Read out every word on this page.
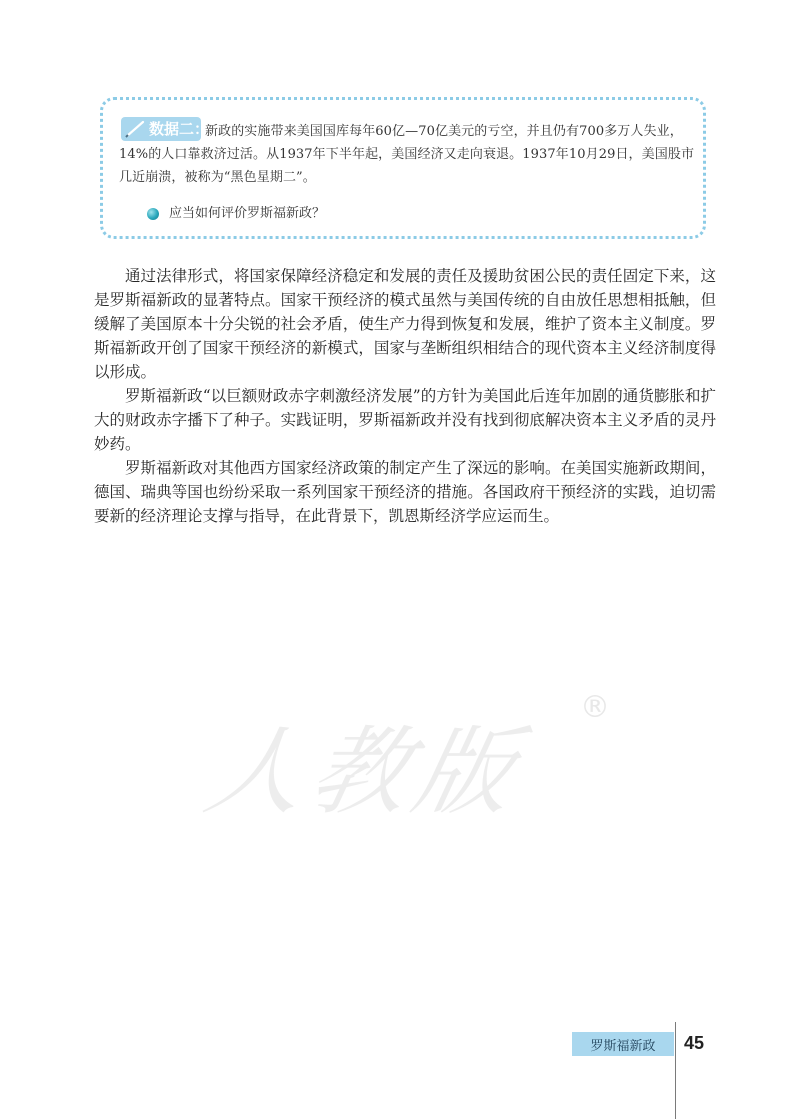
新政的实施带来美国国库每年60亿—70亿美元的亏空，并且仍有700多万人失业，14%的人口靠救济过活。从1937年下半年起，美国经济又走向衰退。1937年10月29日，美国股市几近崩溃，被称为“黑色星期二”。
数据二：
应当如何评价罗斯福新政？

通过法律形式，将国家保障经济稳定和发展的责任及援助贫困公民的责任固定下来，这是罗斯福新政的显著特点。国家干预经济的模式虽然与美国传统的自由放任思想相抵触，但缓解了美国原本十分尖锐的社会矛盾，使生产力得到恢复和发展，维护了资本主义制度。罗斯福新政开创了国家干预经济的新模式，国家与垄断组织相结合的现代资本主义经济制度得以形成。

罗斯福新政“以巨额财政赤字刺激经济发展”的方针为美国此后连年加剧的通货膨胀和扩大的财政赤字播下了种子。实践证明，罗斯福新政并没有找到彻底解决资本主义矛盾的灵丹妙药。

罗斯福新政对其他西方国家经济政策的制定产生了深远的影响。在美国实施新政期间，德国、瑞典等国也纷纷采取一系列国家干预经济的措施。各国政府干预经济的实践，迫切需要新的经济理论支撑与指导，在此背景下，凯恩斯经济学应运而生。

人教版
®
罗斯福新政 45
